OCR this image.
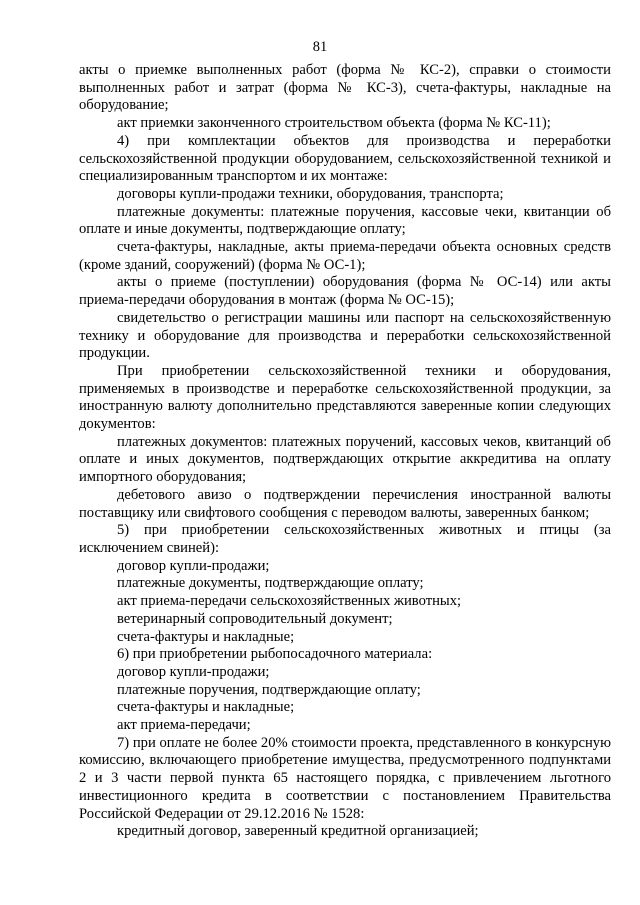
81

акты о приемке выполненных работ (форма № КС-2), справки о стоимости выполненных работ и затрат (форма № КС-3), счета-фактуры, накладные на оборудование;

акт приемки законченного строительством объекта (форма № КС-11);

4) при комплектации объектов для производства и переработки сельскохозяйственной продукции оборудованием, сельскохозяйственной техникой и специализированным транспортом и их монтаже:

договоры купли-продажи техники, оборудования, транспорта;

платежные документы: платежные поручения, кассовые чеки, квитанции об оплате и иные документы, подтверждающие оплату;

счета-фактуры, накладные, акты приема-передачи объекта основных средств (кроме зданий, сооружений) (форма № ОС-1);

акты о приеме (поступлении) оборудования (форма № ОС-14) или акты приема-передачи оборудования в монтаж (форма № ОС-15);

свидетельство о регистрации машины или паспорт на сельскохозяйственную технику и оборудование для производства и переработки сельскохозяйственной продукции.

При приобретении сельскохозяйственной техники и оборудования, применяемых в производстве и переработке сельскохозяйственной продукции, за иностранную валюту дополнительно представляются заверенные копии следующих документов:

платежных документов: платежных поручений, кассовых чеков, квитанций об оплате и иных документов, подтверждающих открытие аккредитива на оплату импортного оборудования;

дебетового авизо о подтверждении перечисления иностранной валюты поставщику или свифтового сообщения с переводом валюты, заверенных банком;

5) при приобретении сельскохозяйственных животных и птицы (за исключением свиней):

договор купли-продажи;

платежные документы, подтверждающие оплату;

акт приема-передачи сельскохозяйственных животных;

ветеринарный сопроводительный документ;

счета-фактуры и накладные;

6) при приобретении рыбопосадочного материала:

договор купли-продажи;

платежные поручения, подтверждающие оплату;

счета-фактуры и накладные;

акт приема-передачи;

7) при оплате не более 20% стоимости проекта, представленного в конкурсную комиссию, включающего приобретение имущества, предусмотренного подпунктами 2 и 3 части первой пункта 65 настоящего порядка, с привлечением льготного инвестиционного кредита в соответствии с постановлением Правительства Российской Федерации от 29.12.2016 № 1528:

кредитный договор, заверенный кредитной организацией;
